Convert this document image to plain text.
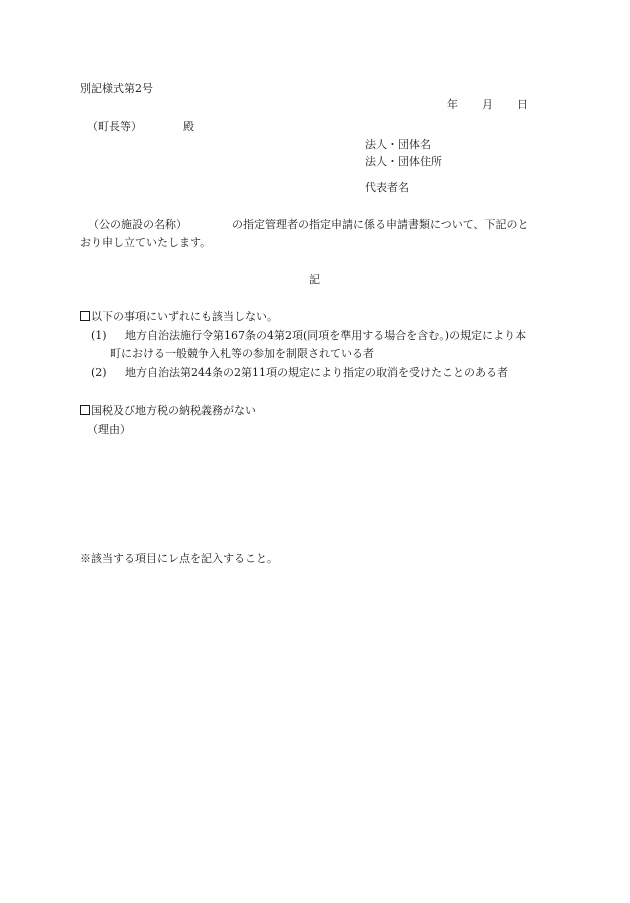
別記様式第2号
年 月 日
（町長等）	殿
法人・団体名
法人・団体住所
代表者名
（公の施設の名称）	の指定管理者の指定申請に係る申請書類について、下記のと
おり申し立ていたします。
記
以下の事項にいずれにも該当しない。
(1) 地方自治法施行令第167条の4第2項(同項を準用する場合を含む。)の規定により本
町における一般競争入札等の参加を制限されている者
(2) 地方自治法第244条の2第11項の規定により指定の取消を受けたことのある者
国税及び地方税の納税義務がない
（理由）
※該当する項目にレ点を記入すること。
